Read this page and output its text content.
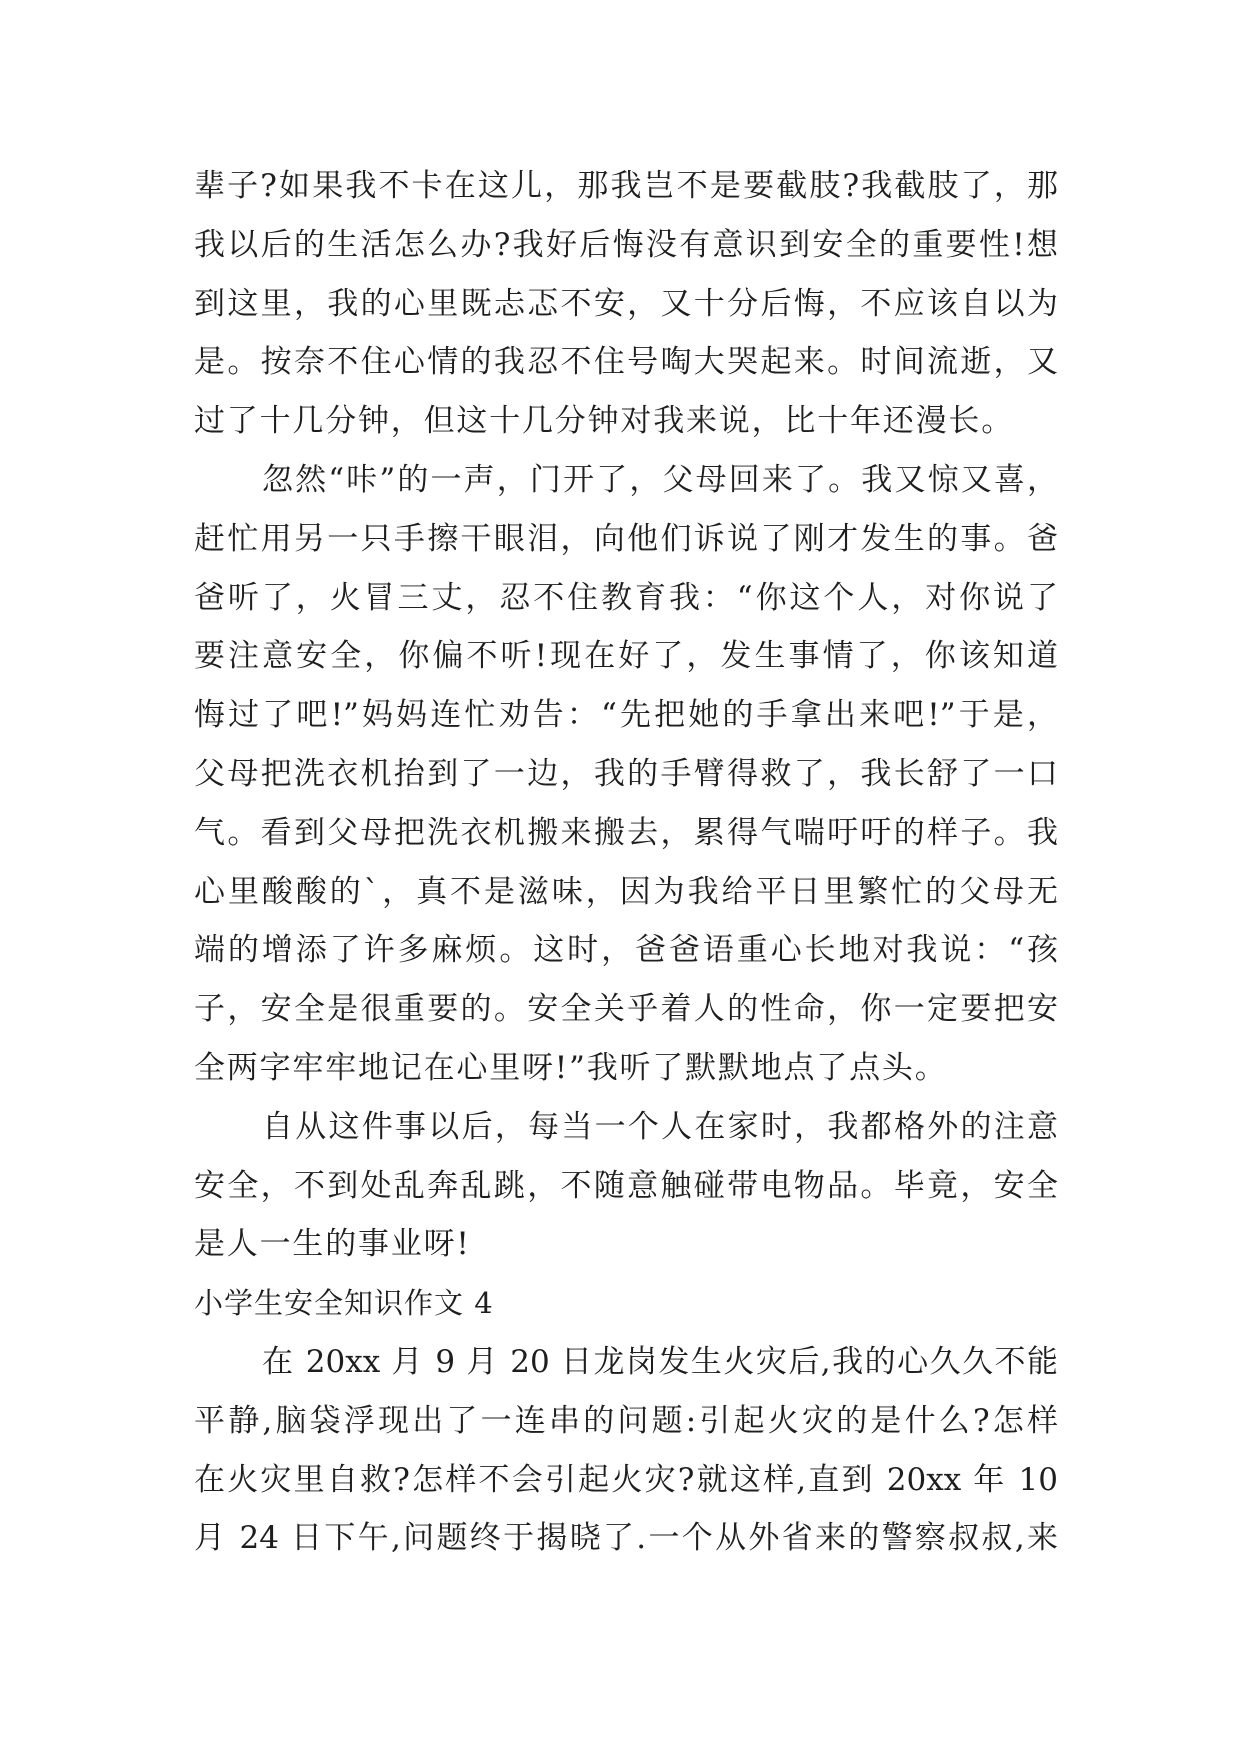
辈子?如果我不卡在这儿，那我岂不是要截肢?我截肢了，那
我以后的生活怎么办?我好后悔没有意识到安全的重要性!想
到这里，我的心里既忐忑不安，又十分后悔，不应该自以为
是。按奈不住心情的我忍不住号啕大哭起来。时间流逝，又
过了十几分钟，但这十几分钟对我来说，比十年还漫长。
忽然“咔”的一声，门开了，父母回来了。我又惊又喜，
赶忙用另一只手擦干眼泪，向他们诉说了刚才发生的事。爸
爸听了，火冒三丈，忍不住教育我：“你这个人，对你说了
要注意安全，你偏不听!现在好了，发生事情了，你该知道
悔过了吧!”妈妈连忙劝告：“先把她的手拿出来吧!”于是，
父母把洗衣机抬到了一边，我的手臂得救了，我长舒了一口
气。看到父母把洗衣机搬来搬去，累得气喘吁吁的样子。我
心里酸酸的`，真不是滋味，因为我给平日里繁忙的父母无
端的增添了许多麻烦。这时，爸爸语重心长地对我说：“孩
子，安全是很重要的。安全关乎着人的性命，你一定要把安
全两字牢牢地记在心里呀!”我听了默默地点了点头。
自从这件事以后，每当一个人在家时，我都格外的注意
安全，不到处乱奔乱跳，不随意触碰带电物品。毕竟，安全
是人一生的事业呀!
小学生安全知识作文 4
在 20xx 月 9 月 20 日龙岗发生火灾后,我的心久久不能
平静,脑袋浮现出了一连串的问题:引起火灾的是什么?怎样
在火灾里自救?怎样不会引起火灾?就这样,直到 20xx 年 10
月 24 日下午,问题终于揭晓了.一个从外省来的警察叔叔,来
